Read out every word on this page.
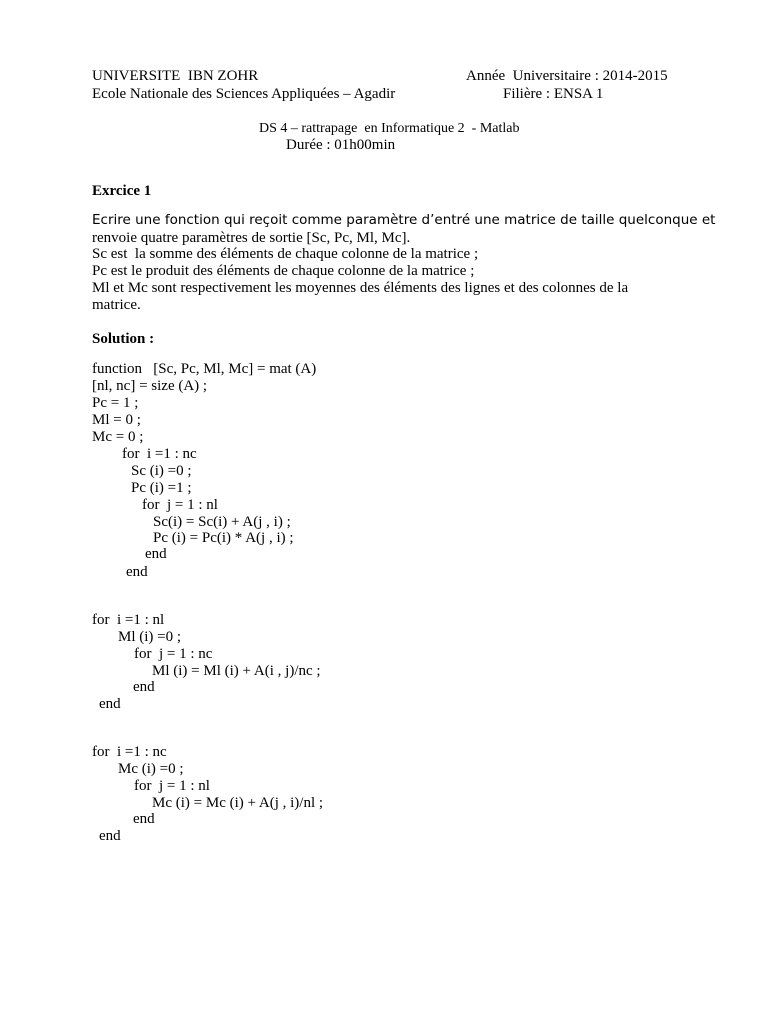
UNIVERSITE  IBN ZOHR	Année  Universitaire : 2014-2015
Ecole Nationale des Sciences Appliquées – Agadir	Filière : ENSA 1
DS 4 – rattrapage  en Informatique 2  - Matlab
Durée : 01h00min
Exrcice 1
Ecrire une fonction qui reçoit comme paramètre d’entré une matrice de taille quelconque et
renvoie quatre paramètres de sortie [Sc, Pc, Ml, Mc].
Sc est  la somme des éléments de chaque colonne de la matrice ;
Pc est le produit des éléments de chaque colonne de la matrice ;
Ml et Mc sont respectivement les moyennes des éléments des lignes et des colonnes de la
matrice.
Solution :
function   [Sc, Pc, Ml, Mc] = mat (A)
[nl, nc] = size (A) ;
Pc = 1 ;
Ml = 0 ;
Mc = 0 ;
for  i =1 : nc
Sc (i) =0 ;
Pc (i) =1 ;
for  j = 1 : nl
Sc(i) = Sc(i) + A(j , i) ;
Pc (i) = Pc(i) * A(j , i) ;
end
end
for  i =1 : nl
Ml (i) =0 ;
for  j = 1 : nc
Ml (i) = Ml (i) + A(i , j)/nc ;
end
end
for  i =1 : nc
Mc (i) =0 ;
for  j = 1 : nl
Mc (i) = Mc (i) + A(j , i)/nl ;
end
end
